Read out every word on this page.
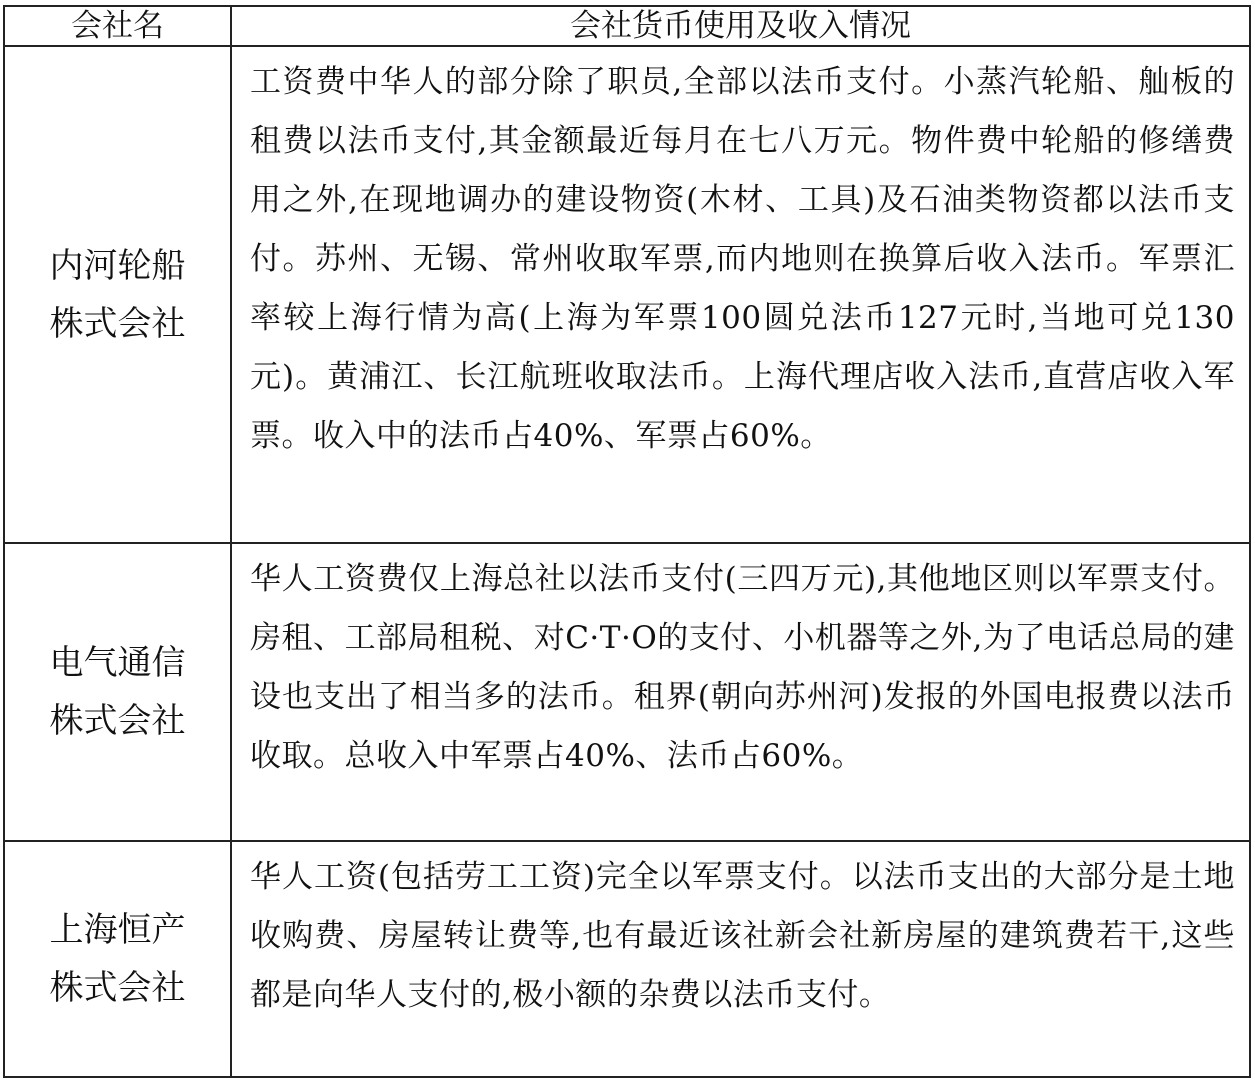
会社名	会社货币使用及收入情况

内河轮船
株式会社	工资费中华人的部分除了职员,全部以法币支付。小蒸汽轮船、舢板的租费以法币支付,其金额最近每月在七八万元。物件费中轮船的修缮费用之外,在现地调办的建设物资(木材、工具)及石油类物资都以法币支付。苏州、无锡、常州收取军票,而内地则在换算后收入法币。军票汇率较上海行情为高(上海为军票100圆兑法币127元时,当地可兑130元)。黄浦江、长江航班收取法币。上海代理店收入法币,直营店收入军票。收入中的法币占40%、军票占60%。

电气通信
株式会社	华人工资费仅上海总社以法币支付(三四万元),其他地区则以军票支付。房租、工部局租税、对C·T·O的支付、小机器等之外,为了电话总局的建设也支出了相当多的法币。租界(朝向苏州河)发报的外国电报费以法币收取。总收入中军票占40%、法币占60%。

上海恒产
株式会社	华人工资(包括劳工工资)完全以军票支付。以法币支出的大部分是土地收购费、房屋转让费等,也有最近该社新会社新房屋的建筑费若干,这些都是向华人支付的,极小额的杂费以法币支付。
